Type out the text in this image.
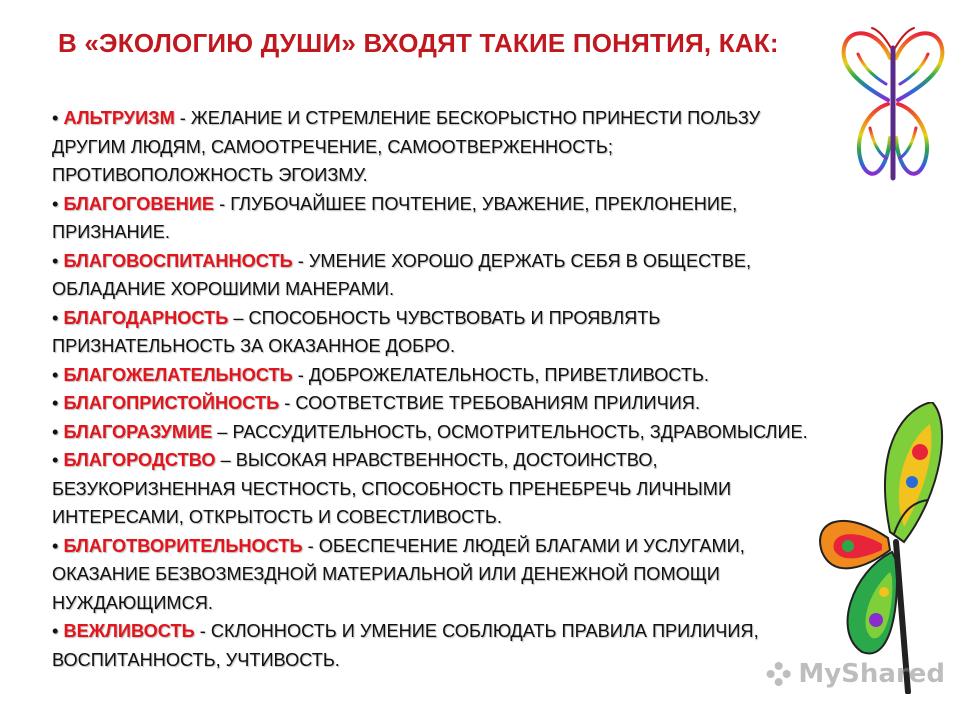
В «ЭКОЛОГИЮ ДУШИ» ВХОДЯТ ТАКИЕ ПОНЯТИЯ, КАК:
• АЛЬТРУИЗМ - ЖЕЛАНИЕ И СТРЕМЛЕНИЕ БЕСКОРЫСТНО ПРИНЕСТИ ПОЛЬЗУ
ДРУГИМ ЛЮДЯМ, САМООТРЕЧЕНИЕ, САМООТВЕРЖЕННОСТЬ;
ПРОТИВОПОЛОЖНОСТЬ ЭГОИЗМУ.
• БЛАГОГОВЕНИЕ - ГЛУБОЧАЙШЕЕ ПОЧТЕНИЕ, УВАЖЕНИЕ, ПРЕКЛОНЕНИЕ,
ПРИЗНАНИЕ.
• БЛАГОВОСПИТАННОСТЬ - УМЕНИЕ ХОРОШО ДЕРЖАТЬ СЕБЯ В ОБЩЕСТВЕ,
ОБЛАДАНИЕ ХОРОШИМИ МАНЕРАМИ.
• БЛАГОДАРНОСТЬ – СПОСОБНОСТЬ ЧУВСТВОВАТЬ И ПРОЯВЛЯТЬ
ПРИЗНАТЕЛЬНОСТЬ ЗА ОКАЗАННОЕ ДОБРО.
• БЛАГОЖЕЛАТЕЛЬНОСТЬ - ДОБРОЖЕЛАТЕЛЬНОСТЬ, ПРИВЕТЛИВОСТЬ.
• БЛАГОПРИСТОЙНОСТЬ - СООТВЕТСТВИЕ ТРЕБОВАНИЯМ ПРИЛИЧИЯ.
• БЛАГОРАЗУМИЕ – РАССУДИТЕЛЬНОСТЬ, ОСМОТРИТЕЛЬНОСТЬ, ЗДРАВОМЫСЛИЕ.
• БЛАГОРОДСТВО – ВЫСОКАЯ НРАВСТВЕННОСТЬ, ДОСТОИНСТВО,
БЕЗУКОРИЗНЕННАЯ ЧЕСТНОСТЬ, СПОСОБНОСТЬ ПРЕНЕБРЕЧЬ ЛИЧНЫМИ
ИНТЕРЕСАМИ, ОТКРЫТОСТЬ И СОВЕСТЛИВОСТЬ.
• БЛАГОТВОРИТЕЛЬНОСТЬ - ОБЕСПЕЧЕНИЕ ЛЮДЕЙ БЛАГАМИ И УСЛУГАМИ,
ОКАЗАНИЕ БЕЗВОЗМЕЗДНОЙ МАТЕРИАЛЬНОЙ ИЛИ ДЕНЕЖНОЙ ПОМОЩИ
НУЖДАЮЩИМСЯ.
• ВЕЖЛИВОСТЬ - СКЛОННОСТЬ И УМЕНИЕ СОБЛЮДАТЬ ПРАВИЛА ПРИЛИЧИЯ,
ВОСПИТАННОСТЬ, УЧТИВОСТЬ.	MyShared
